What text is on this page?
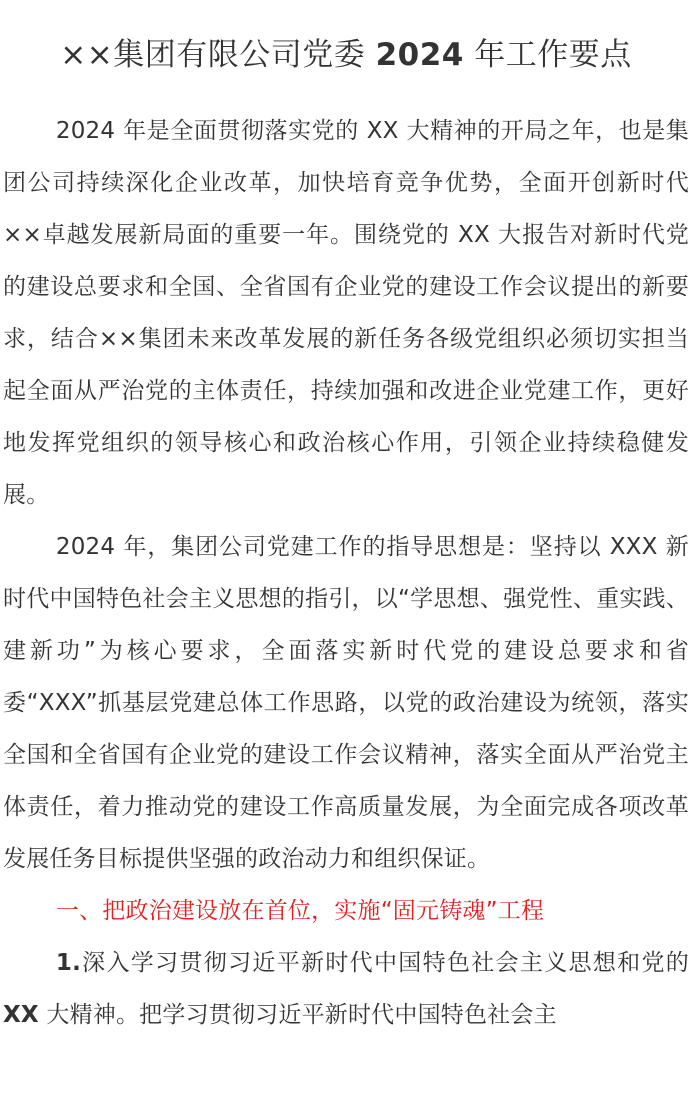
××集团有限公司党委 2024 年工作要点

2024 年是全面贯彻落实党的 XX 大精神的开局之年，也是集团公司持续深化企业改革，加快培育竞争优势，全面开创新时代××卓越发展新局面的重要一年。围绕党的 XX 大报告对新时代党的建设总要求和全国、全省国有企业党的建设工作会议提出的新要求，结合××集团未来改革发展的新任务各级党组织必须切实担当起全面从严治党的主体责任，持续加强和改进企业党建工作，更好地发挥党组织的领导核心和政治核心作用，引领企业持续稳健发展。

2024 年，集团公司党建工作的指导思想是：坚持以 XXX 新时代中国特色社会主义思想的指引，以“学思想、强党性、重实践、建新功”为核心要求，全面落实新时代党的建设总要求和省委“XXX”抓基层党建总体工作思路，以党的政治建设为统领，落实全国和全省国有企业党的建设工作会议精神，落实全面从严治党主体责任，着力推动党的建设工作高质量发展，为全面完成各项改革发展任务目标提供坚强的政治动力和组织保证。

一、把政治建设放在首位，实施“固元铸魂”工程

1.深入学习贯彻习近平新时代中国特色社会主义思想和党的 XX 大精神。把学习贯彻习近平新时代中国特色社会主
